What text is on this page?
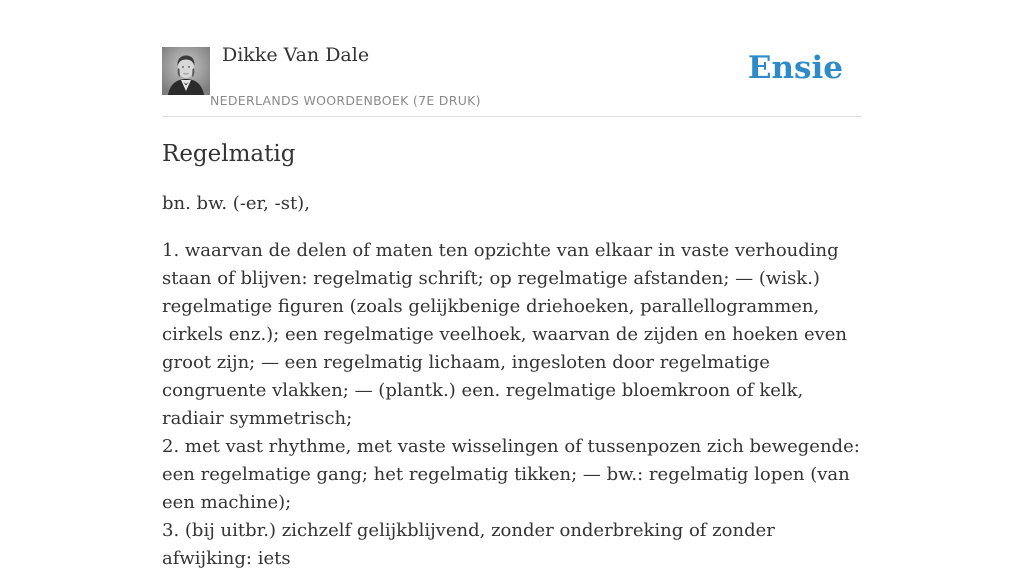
Dikke Van Dale
NEDERLANDS WOORDENBOEK (7E DRUK)
Ensie
Regelmatig

bn. bw. (-er, -st),

1. waarvan de delen of maten ten opzichte van elkaar in vaste verhouding staan of blijven: regelmatig schrift; op regelmatige afstanden; — (wisk.) regelmatige figuren (zoals gelijkbenige driehoeken, parallellogrammen, cirkels enz.); een regelmatige veelhoek, waarvan de zijden en hoeken even groot zijn; — een regelmatig lichaam, ingesloten door regelmatige congruente vlakken; — (plantk.) een. regelmatige bloemkroon of kelk, radiair symmetrisch;
2. met vast rhythme, met vaste wisselingen of tussenpozen zich bewegende: een regelmatige gang; het regelmatig tikken; — bw.: regelmatig lopen (van een machine);
3. (bij uitbr.) zichzelf gelijkblijvend, zonder onderbreking of zonder afwijking: iets
